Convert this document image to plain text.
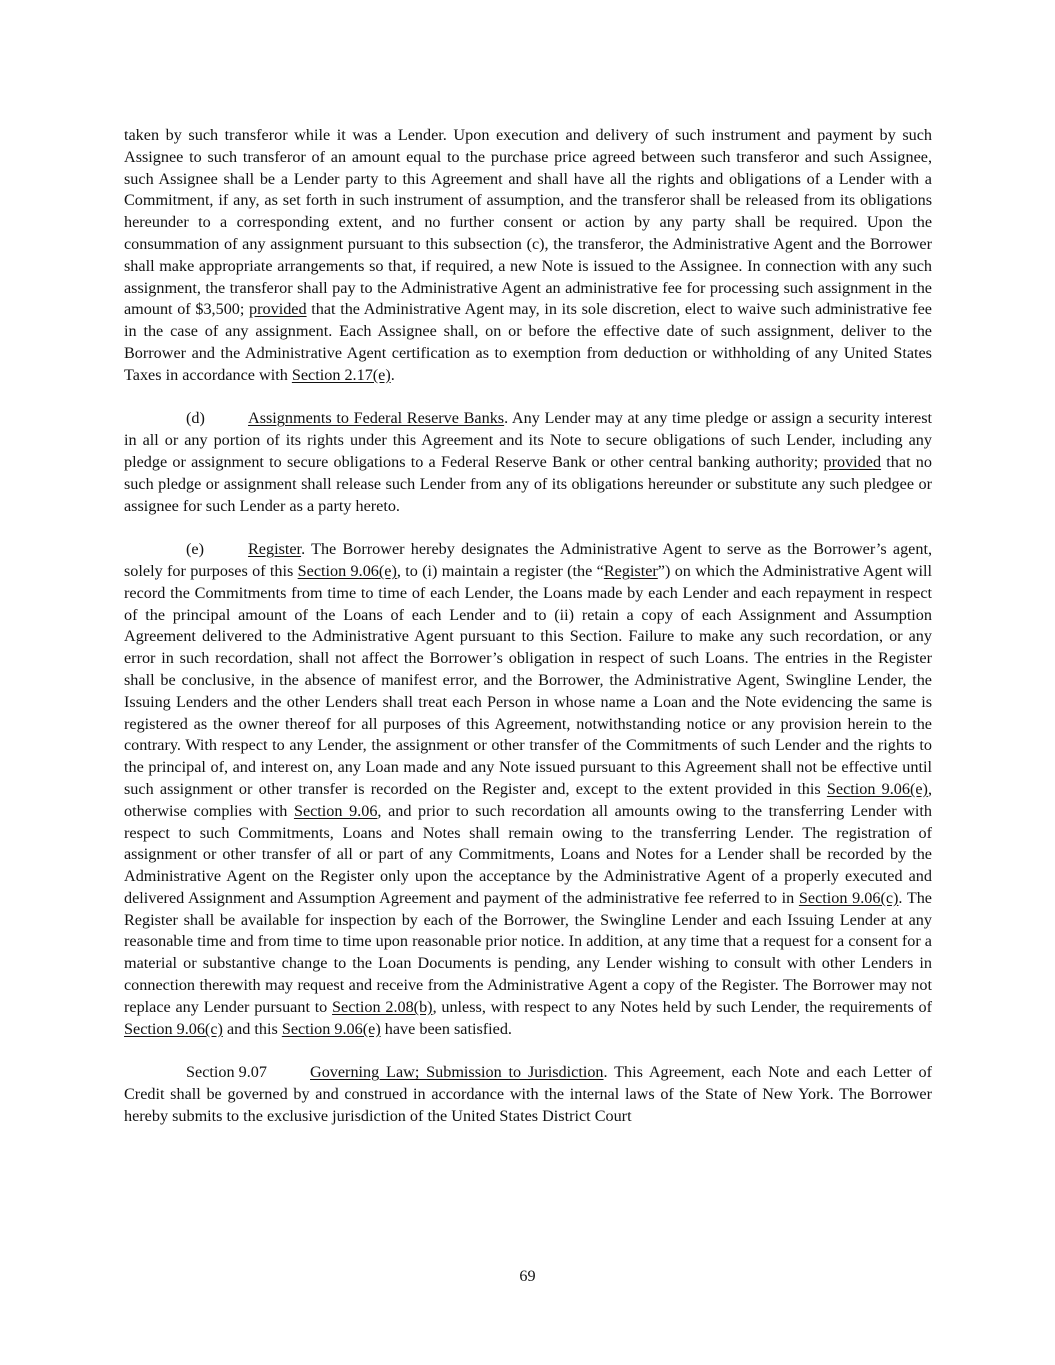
taken by such transferor while it was a Lender. Upon execution and delivery of such instrument and payment by such Assignee to such transferor of an amount equal to the purchase price agreed between such transferor and such Assignee, such Assignee shall be a Lender party to this Agreement and shall have all the rights and obligations of a Lender with a Commitment, if any, as set forth in such instrument of assumption, and the transferor shall be released from its obligations hereunder to a corresponding extent, and no further consent or action by any party shall be required. Upon the consummation of any assignment pursuant to this subsection (c), the transferor, the Administrative Agent and the Borrower shall make appropriate arrangements so that, if required, a new Note is issued to the Assignee. In connection with any such assignment, the transferor shall pay to the Administrative Agent an administrative fee for processing such assignment in the amount of $3,500; provided that the Administrative Agent may, in its sole discretion, elect to waive such administrative fee in the case of any assignment. Each Assignee shall, on or before the effective date of such assignment, deliver to the Borrower and the Administrative Agent certification as to exemption from deduction or withholding of any United States Taxes in accordance with Section 2.17(e).

(d)	Assignments to Federal Reserve Banks. Any Lender may at any time pledge or assign a security interest in all or any portion of its rights under this Agreement and its Note to secure obligations of such Lender, including any pledge or assignment to secure obligations to a Federal Reserve Bank or other central banking authority; provided that no such pledge or assignment shall release such Lender from any of its obligations hereunder or substitute any such pledgee or assignee for such Lender as a party hereto.

(e)	Register. The Borrower hereby designates the Administrative Agent to serve as the Borrower’s agent, solely for purposes of this Section 9.06(e), to (i) maintain a register (the “Register”) on which the Administrative Agent will record the Commitments from time to time of each Lender, the Loans made by each Lender and each repayment in respect of the principal amount of the Loans of each Lender and to (ii) retain a copy of each Assignment and Assumption Agreement delivered to the Administrative Agent pursuant to this Section. Failure to make any such recordation, or any error in such recordation, shall not affect the Borrower’s obligation in respect of such Loans. The entries in the Register shall be conclusive, in the absence of manifest error, and the Borrower, the Administrative Agent, Swingline Lender, the Issuing Lenders and the other Lenders shall treat each Person in whose name a Loan and the Note evidencing the same is registered as the owner thereof for all purposes of this Agreement, notwithstanding notice or any provision herein to the contrary. With respect to any Lender, the assignment or other transfer of the Commitments of such Lender and the rights to the principal of, and interest on, any Loan made and any Note issued pursuant to this Agreement shall not be effective until such assignment or other transfer is recorded on the Register and, except to the extent provided in this Section 9.06(e), otherwise complies with Section 9.06, and prior to such recordation all amounts owing to the transferring Lender with respect to such Commitments, Loans and Notes shall remain owing to the transferring Lender. The registration of assignment or other transfer of all or part of any Commitments, Loans and Notes for a Lender shall be recorded by the Administrative Agent on the Register only upon the acceptance by the Administrative Agent of a properly executed and delivered Assignment and Assumption Agreement and payment of the administrative fee referred to in Section 9.06(c). The Register shall be available for inspection by each of the Borrower, the Swingline Lender and each Issuing Lender at any reasonable time and from time to time upon reasonable prior notice. In addition, at any time that a request for a consent for a material or substantive change to the Loan Documents is pending, any Lender wishing to consult with other Lenders in connection therewith may request and receive from the Administrative Agent a copy of the Register. The Borrower may not replace any Lender pursuant to Section 2.08(b), unless, with respect to any Notes held by such Lender, the requirements of Section 9.06(c) and this Section 9.06(e) have been satisfied.

Section 9.07	Governing Law; Submission to Jurisdiction. This Agreement, each Note and each Letter of Credit shall be governed by and construed in accordance with the internal laws of the State of New York. The Borrower hereby submits to the exclusive jurisdiction of the United States District Court

69
